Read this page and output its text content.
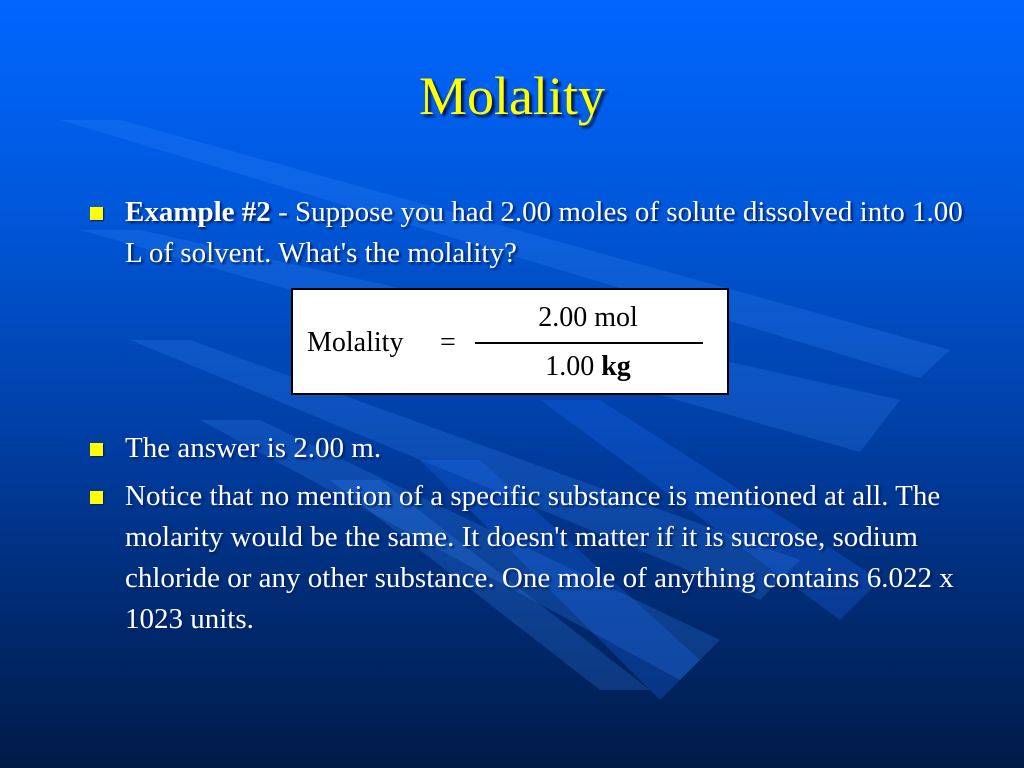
Molality
Example #2 - Suppose you had 2.00 moles of solute dissolved into 1.00 L of solvent. What's the molality?
Molality =
2.00 mol
1.00 kg
The answer is 2.00 m.
Notice that no mention of a specific substance is mentioned at all. The molarity would be the same. It doesn't matter if it is sucrose, sodium chloride or any other substance. One mole of anything contains 6.022 x 1023 units.
